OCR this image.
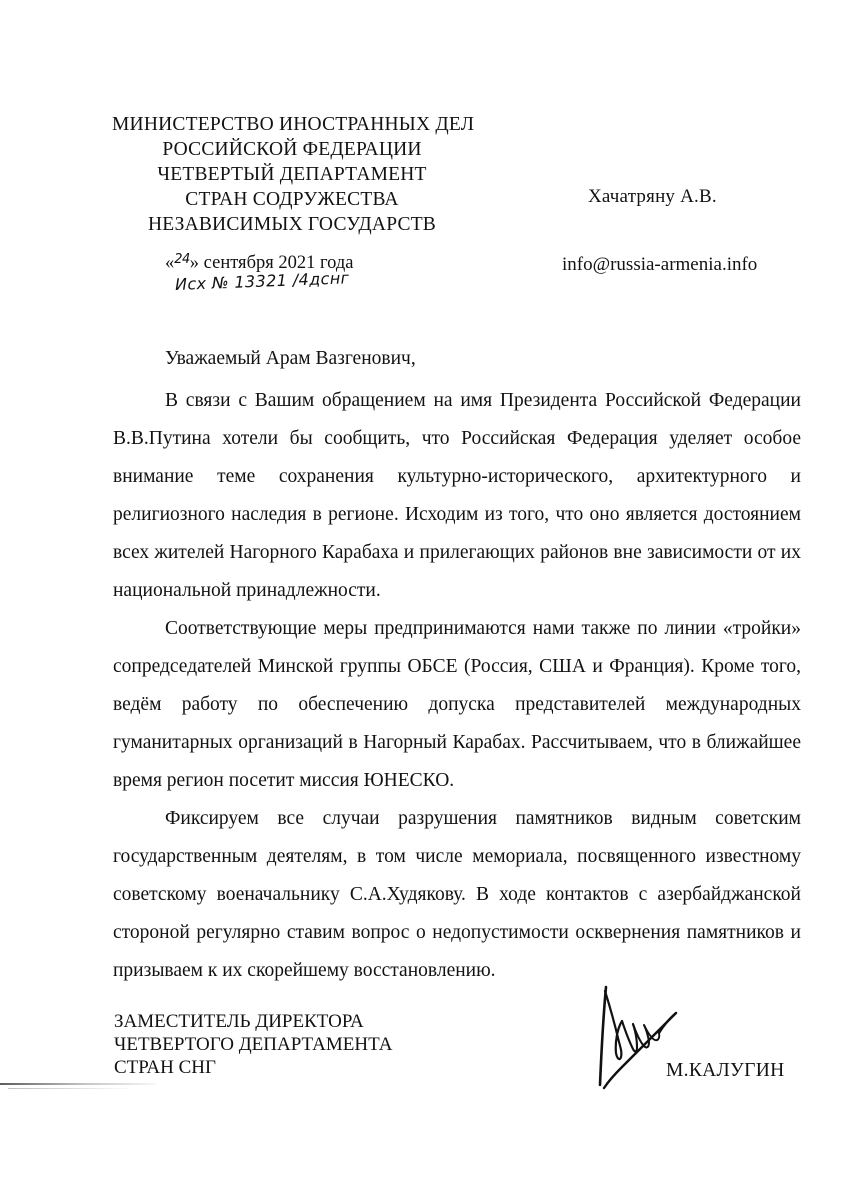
МИНИСТЕРСТВО ИНОСТРАННЫХ ДЕЛ
РОССИЙСКОЙ ФЕДЕРАЦИИ
ЧЕТВЕРТЫЙ ДЕПАРТАМЕНТ
СТРАН СОДРУЖЕСТВА
НЕЗАВИСИМЫХ ГОСУДАРСТВ
Хачатряну А.В.
«$^{24}$» сентября 2021 года
Исх № 13321 /4дснг
info@russia-armenia.info

Уважаемый Арам Вазгенович,

В связи с Вашим обращением на имя Президента Российской Федерации В.В.Путина хотели бы сообщить, что Российская Федерация уделяет особое внимание теме сохранения культурно-исторического, архитектурного и религиозного наследия в регионе. Исходим из того, что оно является достоянием всех жителей Нагорного Карабаха и прилегающих районов вне зависимости от их национальной принадлежности.

Соответствующие меры предпринимаются нами также по линии «тройки» сопредседателей Минской группы ОБСЕ (Россия, США и Франция). Кроме того, ведём работу по обеспечению допуска представителей международных гуманитарных организаций в Нагорный Карабах. Рассчитываем, что в ближайшее время регион посетит миссия ЮНЕСКО.

Фиксируем все случаи разрушения памятников видным советским государственным деятелям, в том числе мемориала, посвященного известному советскому военачальнику С.А.Худякову. В ходе контактов с азербайджанской стороной регулярно ставим вопрос о недопустимости осквернения памятников и призываем к их скорейшему восстановлению.

ЗАМЕСТИТЕЛЬ ДИРЕКТОРА
ЧЕТВЕРТОГО ДЕПАРТАМЕНТА
СТРАН СНГ	М.КАЛУГИН
